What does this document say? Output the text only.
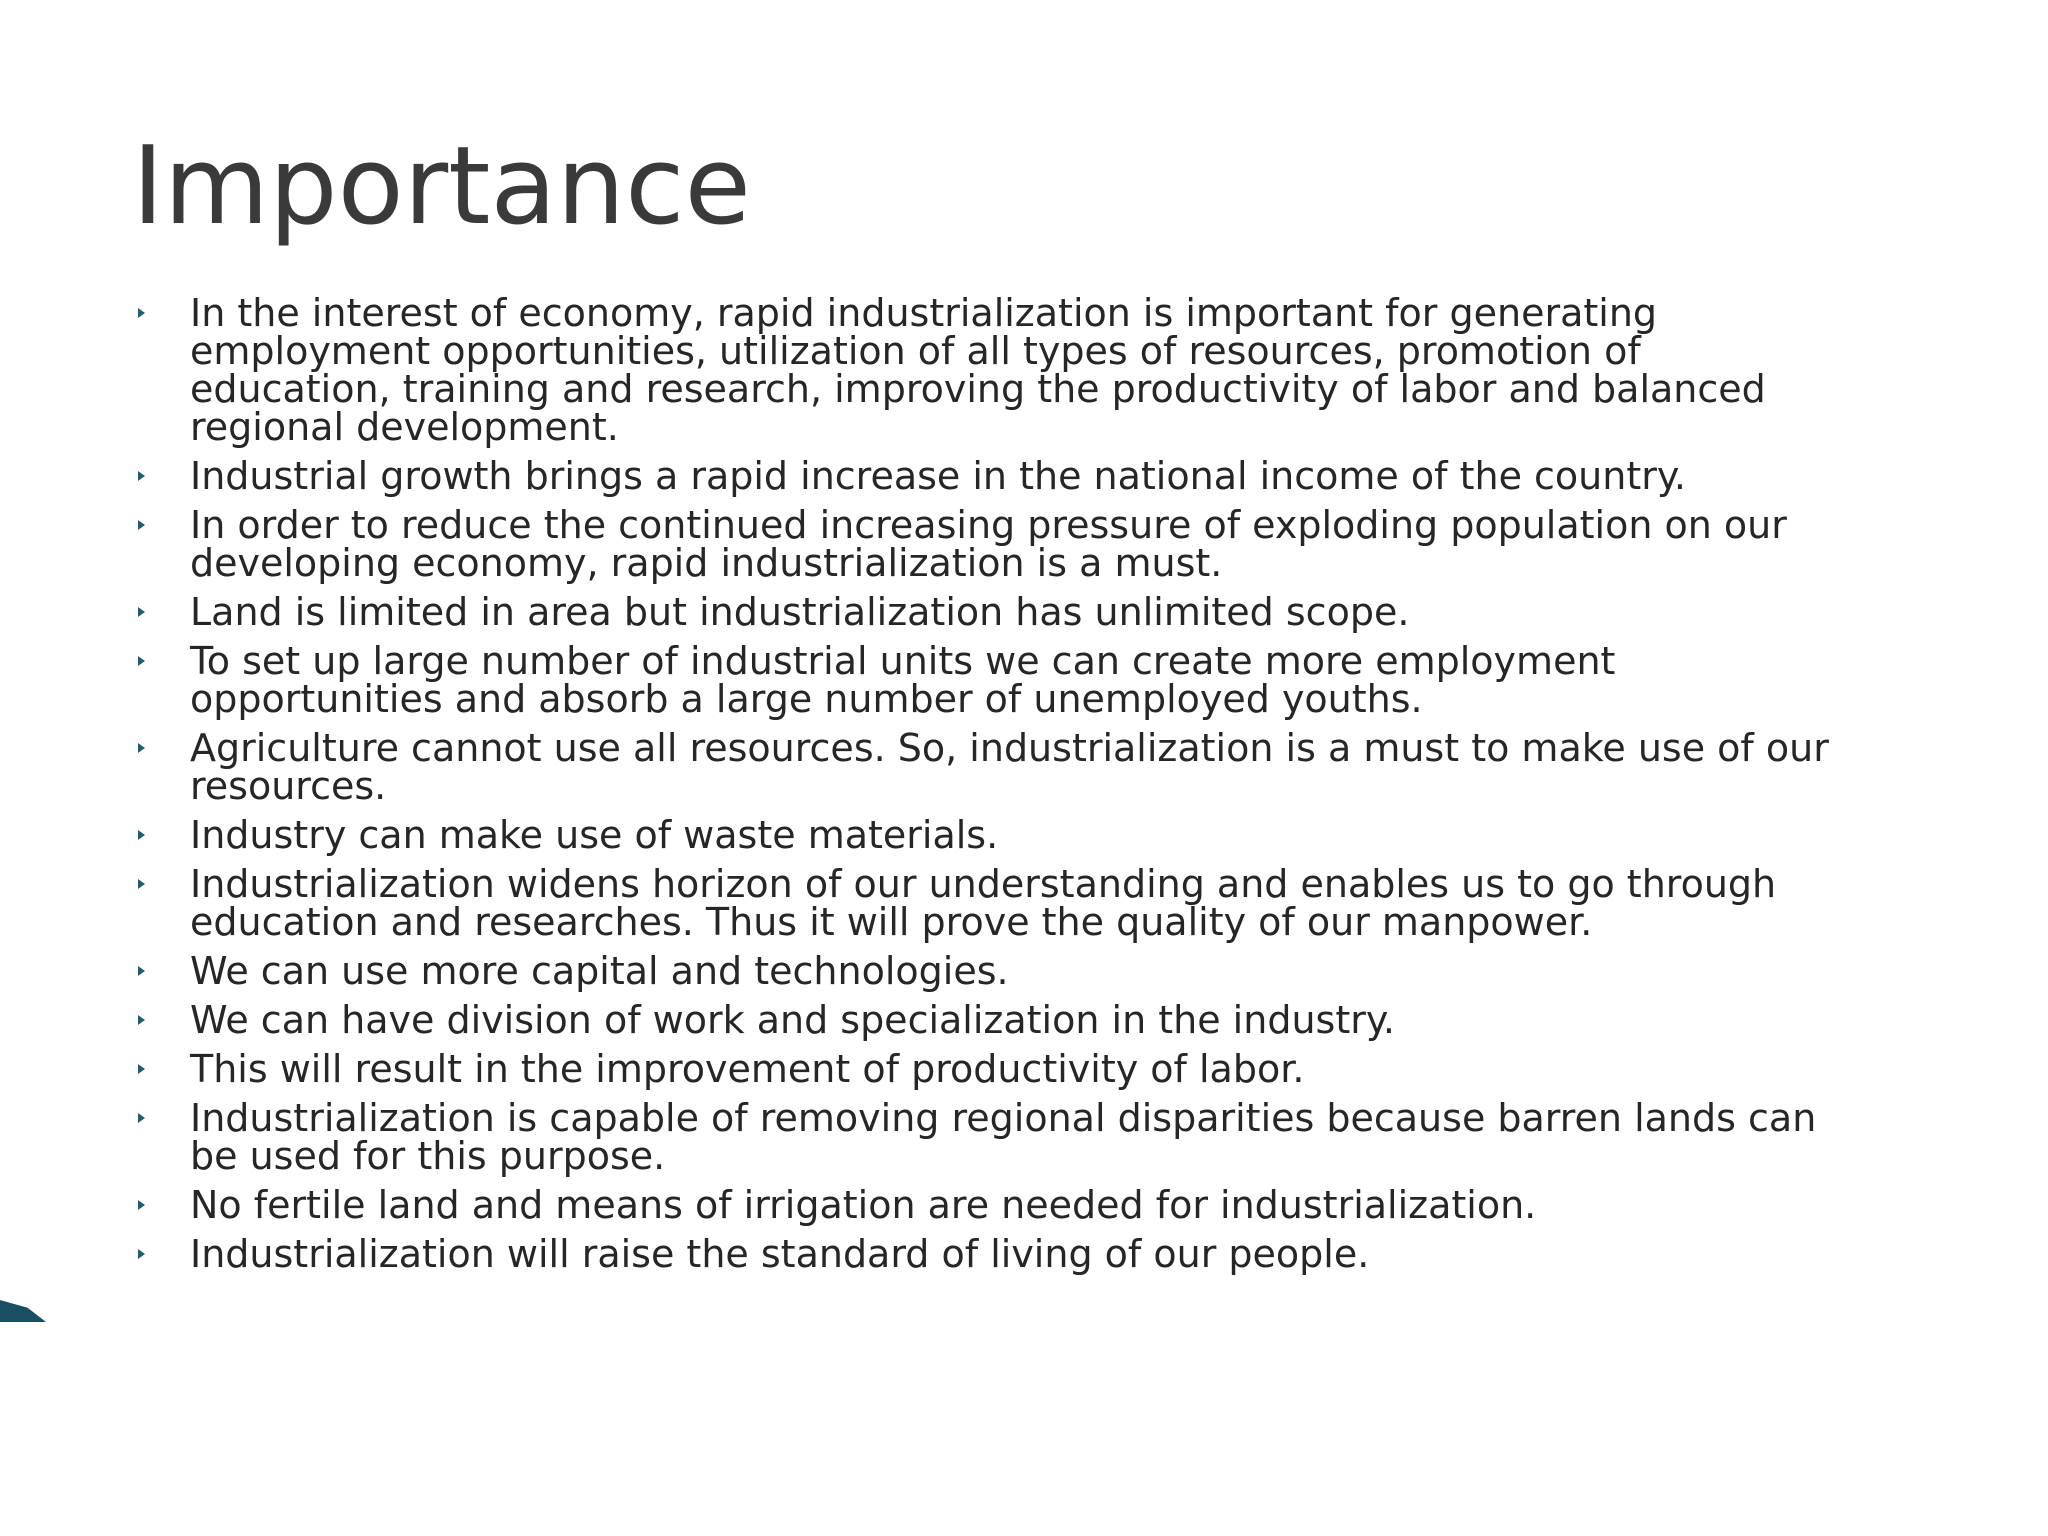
Importance
In the interest of economy, rapid industrialization is important for generating employment opportunities, utilization of all types of resources, promotion of education, training and research, improving the productivity of labor and balanced regional development.
Industrial growth brings a rapid increase in the national income of the country.
In order to reduce the continued increasing pressure of exploding population on our developing economy, rapid industrialization is a must.
Land is limited in area but industrialization has unlimited scope.
To set up large number of industrial units we can create more employment opportunities and absorb a large number of unemployed youths.
Agriculture cannot use all resources. So, industrialization is a must to make use of our resources.
Industry can make use of waste materials.
Industrialization widens horizon of our understanding and enables us to go through education and researches. Thus it will prove the quality of our manpower.
We can use more capital and technologies.
We can have division of work and specialization in the industry.
This will result in the improvement of productivity of labor.
Industrialization is capable of removing regional disparities because barren lands can be used for this purpose.
No fertile land and means of irrigation are needed for industrialization.
Industrialization will raise the standard of living of our people.
